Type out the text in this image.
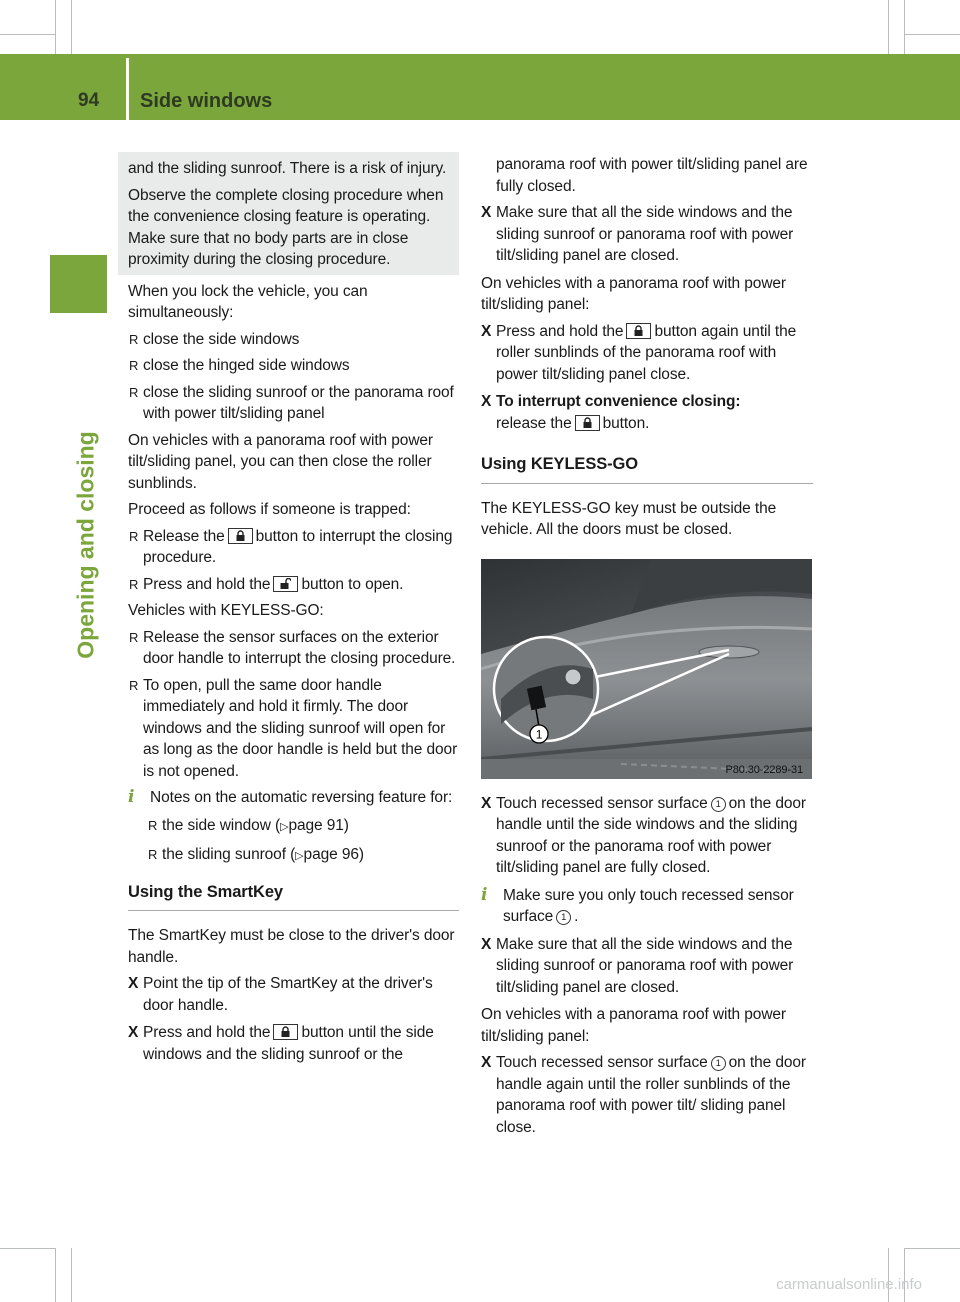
94 Side windows
Opening and closing

and the sliding sunroof. There is a risk of injury.

Observe the complete closing procedure when the convenience closing feature is operating. Make sure that no body parts are in close proximity during the closing procedure.

When you lock the vehicle, you can simultaneously:

R close the side windows
R close the hinged side windows
R close the sliding sunroof or the panorama roof with power tilt/sliding panel

On vehicles with a panorama roof with power tilt/sliding panel, you can then close the roller sunblinds.

Proceed as follows if someone is trapped:

R Release the button to interrupt the closing procedure.
R Press and hold the button to open.

Vehicles with KEYLESS-GO:

R Release the sensor surfaces on the exterior door handle to interrupt the closing procedure.
R To open, pull the same door handle immediately and hold it firmly. The door windows and the sliding sunroof will open for as long as the door handle is held but the door is not opened.
i Notes on the automatic reversing feature for:
R the side window (▷page 91)
R the sliding sunroof (▷page 96)
Using the SmartKey

The SmartKey must be close to the driver's door handle.

X Point the tip of the SmartKey at the driver's door handle.
X Press and hold the button until the side windows and the sliding sunroof or the

panorama roof with power tilt/sliding panel are fully closed.

X Make sure that all the side windows and the sliding sunroof or panorama roof with power tilt/sliding panel are closed.

On vehicles with a panorama roof with power tilt/sliding panel:

X Press and hold the button again until the roller sunblinds of the panorama roof with power tilt/sliding panel close.
X To interrupt convenience closing:
release the button.
Using KEYLESS-GO

The KEYLESS-GO key must be outside the vehicle. All the doors must be closed.

1
P80.30-2289-31
X Touch recessed sensor surface 1 on the door handle until the side windows and the sliding sunroof or the panorama roof with power tilt/sliding panel are fully closed.
i Make sure you only touch recessed sensor surface 1 .
X Make sure that all the side windows and the sliding sunroof or panorama roof with power tilt/sliding panel are closed.

On vehicles with a panorama roof with power tilt/sliding panel:

X Touch recessed sensor surface 1 on the door handle again until the roller sunblinds of the panorama roof with power tilt/ sliding panel close.
carmanualsonline.info
